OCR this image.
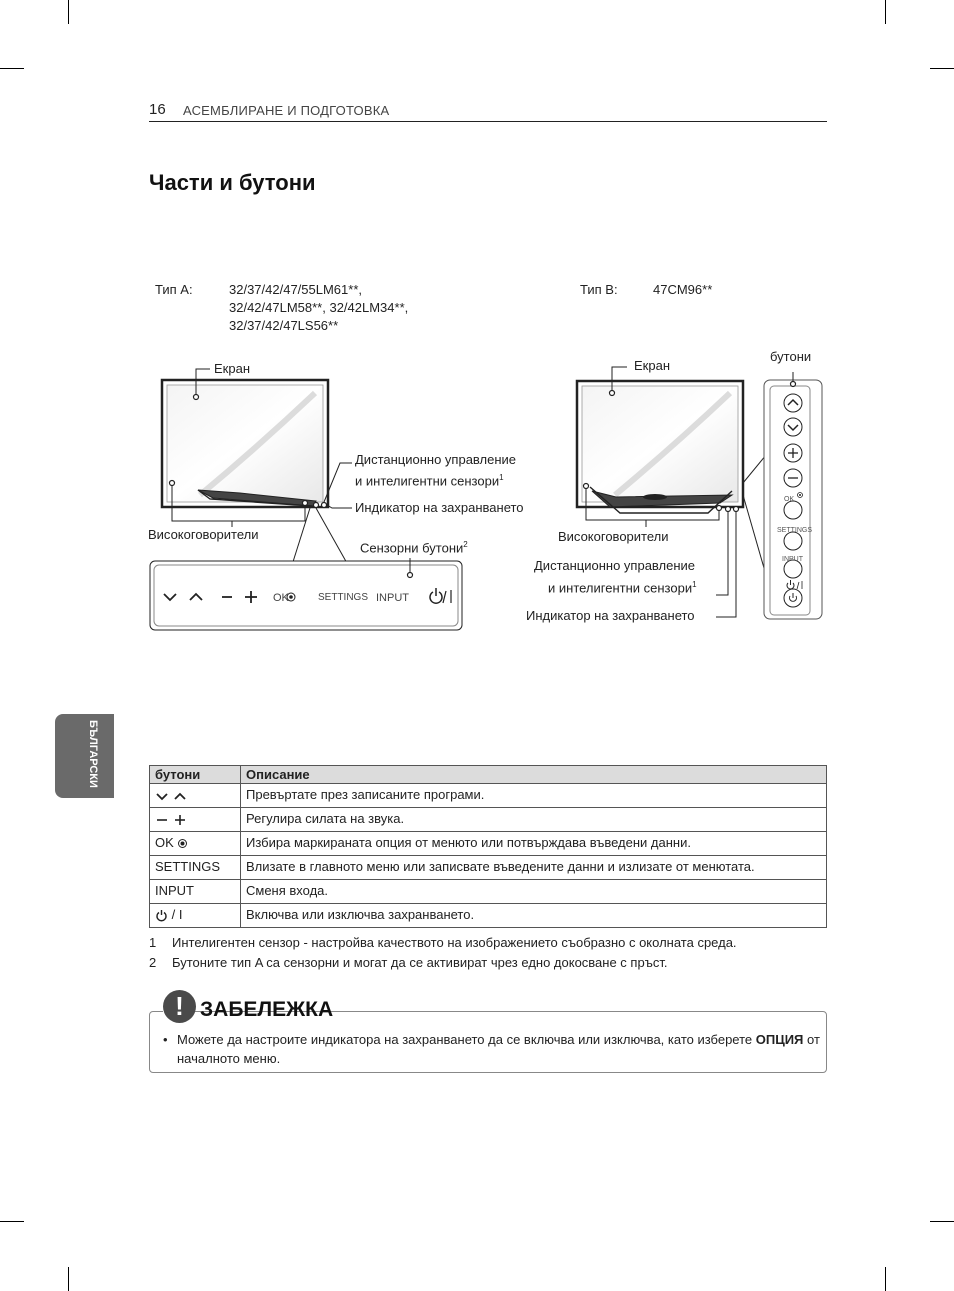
16 АСЕМБЛИРАНЕ И ПОДГОТОВКА
Части и бутони
БЪЛГАРСКИ
Тип A:	32/37/42/47/55LM61**,
32/42/47LM58**, 32/42LM34**,
32/37/42/47LS56**
Тип B:	47CM96**
Екран
Дистанционно управление
и интелигентни сензори$^1$
Индикатор на захранването
Високоговорители
Сензорни бутони$^2$
OK	SETTINGS INPUT
Екран
бутони
Високоговорители
Дистанционно управление
и интелигентни сензори$^1$
Индикатор на захранването
OK
SETTINGS
INPUT
бутони	Описание
	Превъртате през записаните програми.
	Регулира силата на звука.
OK	Избира маркираната опция от менюто или потвърждава въведени данни.
SETTINGS	Влизате в главното меню или записвате въведените данни и излизате от менютата.
INPUT	Сменя входа.
/ I	Включва или изключва захранването.
1 Интелигентен сензор - настройва качеството на изображението съобразно с околната среда.
2 Бутоните тип A са сензорни и могат да се активират чрез едно докосване с пръст.
! ЗАБЕЛЕЖКА
• Можете да настроите индикатора на захранването да се включва или изключва, като изберете ОПЦИЯ от началното меню.
